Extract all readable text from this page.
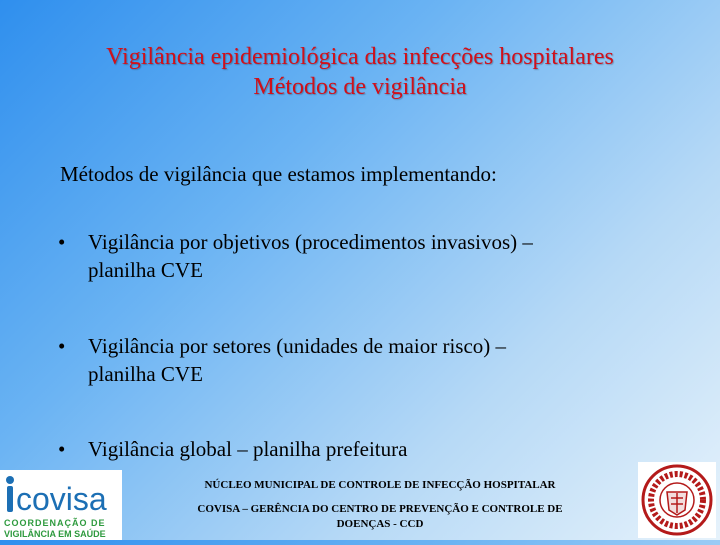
Vigilância epidemiológica das infecções hospitalares
Métodos de vigilância
Métodos de vigilância que estamos implementando:
• Vigilância por objetivos (procedimentos invasivos) –
planilha CVE
• Vigilância por setores (unidades de maior risco) –
planilha CVE
• Vigilância global – planilha prefeitura
NÚCLEO MUNICIPAL DE CONTROLE DE INFECÇÃO HOSPITALAR
COVISA – GERÊNCIA DO CENTRO DE PREVENÇÃO E CONTROLE DE
DOENÇAS - CCD
covisa
COORDENAÇÃO DE
VIGILÂNCIA EM SAÚDE
